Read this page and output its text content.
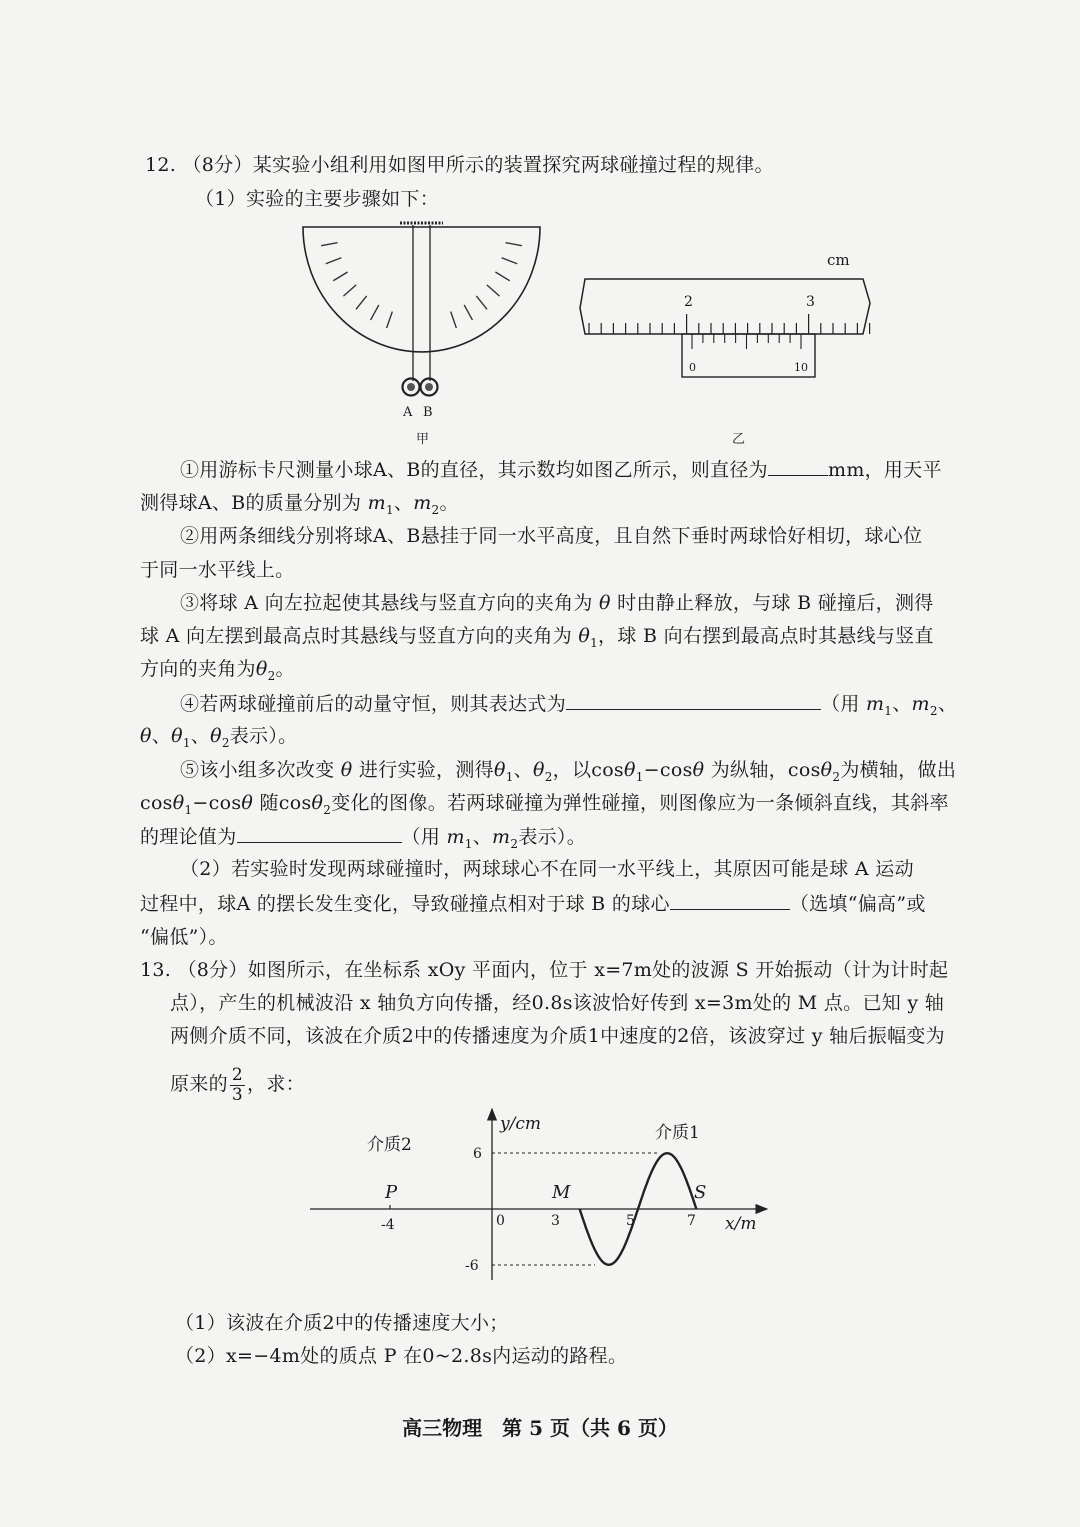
12. （8分）某实验小组利用如图甲所示的装置探究两球碰撞过程的规律。
（1）实验的主要步骤如下：
A B
甲
cm
2	3
0	10
乙
①用游标卡尺测量小球A、B的直径，其示数均如图乙所示，则直径为	mm，用天平
测得球A、B的质量分别为 $m_1$、$m_2$。
②用两条细线分别将球A、B悬挂于同一水平高度，且自然下垂时两球恰好相切，球心位
于同一水平线上。
③将球 A 向左拉起使其悬线与竖直方向的夹角为 θ 时由静止释放，与球 B 碰撞后，测得
球 A 向左摆到最高点时其悬线与竖直方向的夹角为 $\theta_1$，球 B 向右摆到最高点时其悬线与竖直
方向的夹角为$\theta_2$。
④若两球碰撞前后的动量守恒，则其表达式为	（用 $m_1$、$m_2$、
θ、$\theta_1$、$\theta_2$表示）。
⑤该小组多次改变 θ 进行实验，测得$\theta_1$、$\theta_2$，以cosθ$_1$−cosθ 为纵轴，cosθ$_2$为横轴，做出
cosθ$_1$−cosθ 随cosθ$_2$变化的图像。若两球碰撞为弹性碰撞，则图像应为一条倾斜直线，其斜率
的理论值为	（用 $m_1$、$m_2$表示）。
（2）若实验时发现两球碰撞时，两球球心不在同一水平线上，其原因可能是球 A 运动
过程中，球A 的摆长发生变化，导致碰撞点相对于球 B 的球心	（选填“偏高”或
“偏低”）。
13. （8分）如图所示，在坐标系 xOy 平面内，位于 x=7m处的波源 S 开始振动（计为计时起
点），产生的机械波沿 x 轴负方向传播，经0.8s该波恰好传到 x=3m处的 M 点。已知 y 轴
两侧介质不同，该波在介质2中的传播速度为介质1中速度的2倍，该波穿过 y 轴后振幅变为
原来的 $\frac{2}{3}$ ，求：
y/cm
x/m
介质2
介质1
6
-6
0
-4	3	5	7
P	M	S
（1）该波在介质2中的传播速度大小；
（2）x=−4m处的质点 P 在0~2.8s内运动的路程。
高三物理　第 5 页（共 6 页）
